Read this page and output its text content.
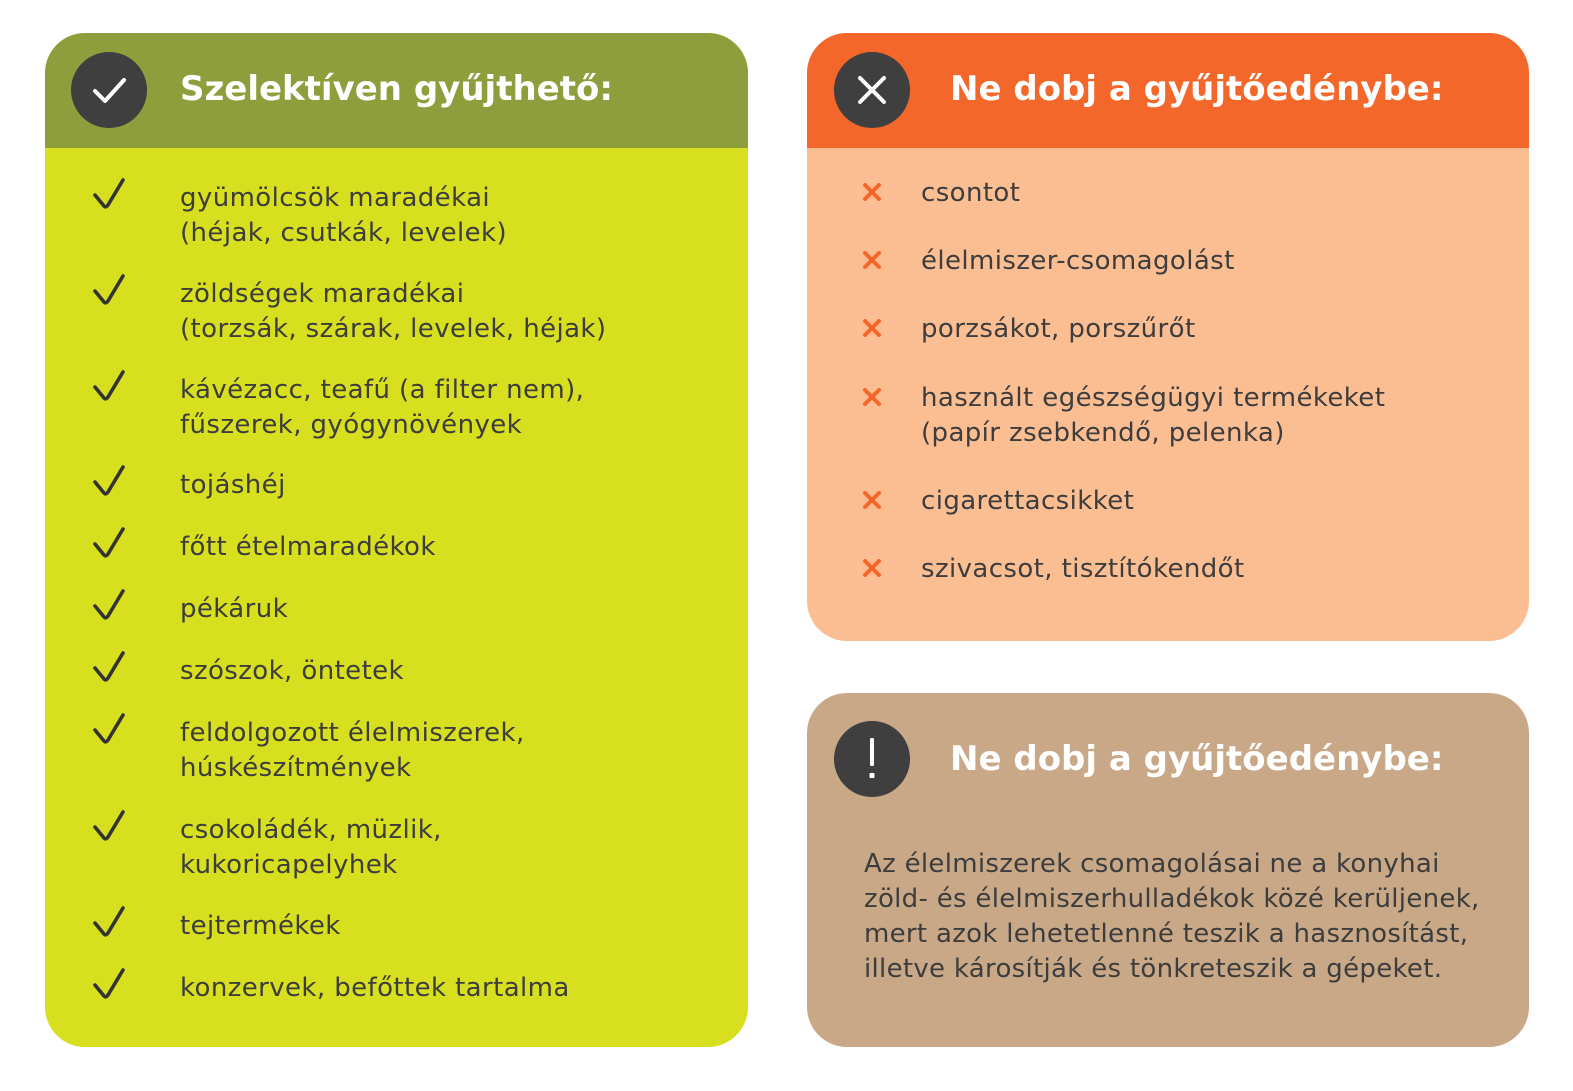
Szelektíven gyűjthető:
gyümölcsök maradékai
(héjak, csutkák, levelek)
zöldségek maradékai
(torzsák, szárak, levelek, héjak)
kávézacc, teafű (a filter nem),
fűszerek, gyógynövények
tojáshéj
főtt ételmaradékok
pékáruk
szószok, öntetek
feldolgozott élelmiszerek,
húskészítmények
csokoládék, müzlik,
kukoricapelyhek
tejtermékek
konzervek, befőttek tartalma
Ne dobj a gyűjtőedénybe:
csontot
élelmiszer-csomagolást
porzsákot, porszűrőt
használt egészségügyi termékeket
(papír zsebkendő, pelenka)
cigarettacsikket
szivacsot, tisztítókendőt
Ne dobj a gyűjtőedénybe:
Az élelmiszerek csomagolásai ne a konyhai
zöld- és élelmiszerhulladékok közé kerüljenek,
mert azok lehetetlenné teszik a hasznosítást,
illetve károsítják és tönkreteszik a gépeket.
